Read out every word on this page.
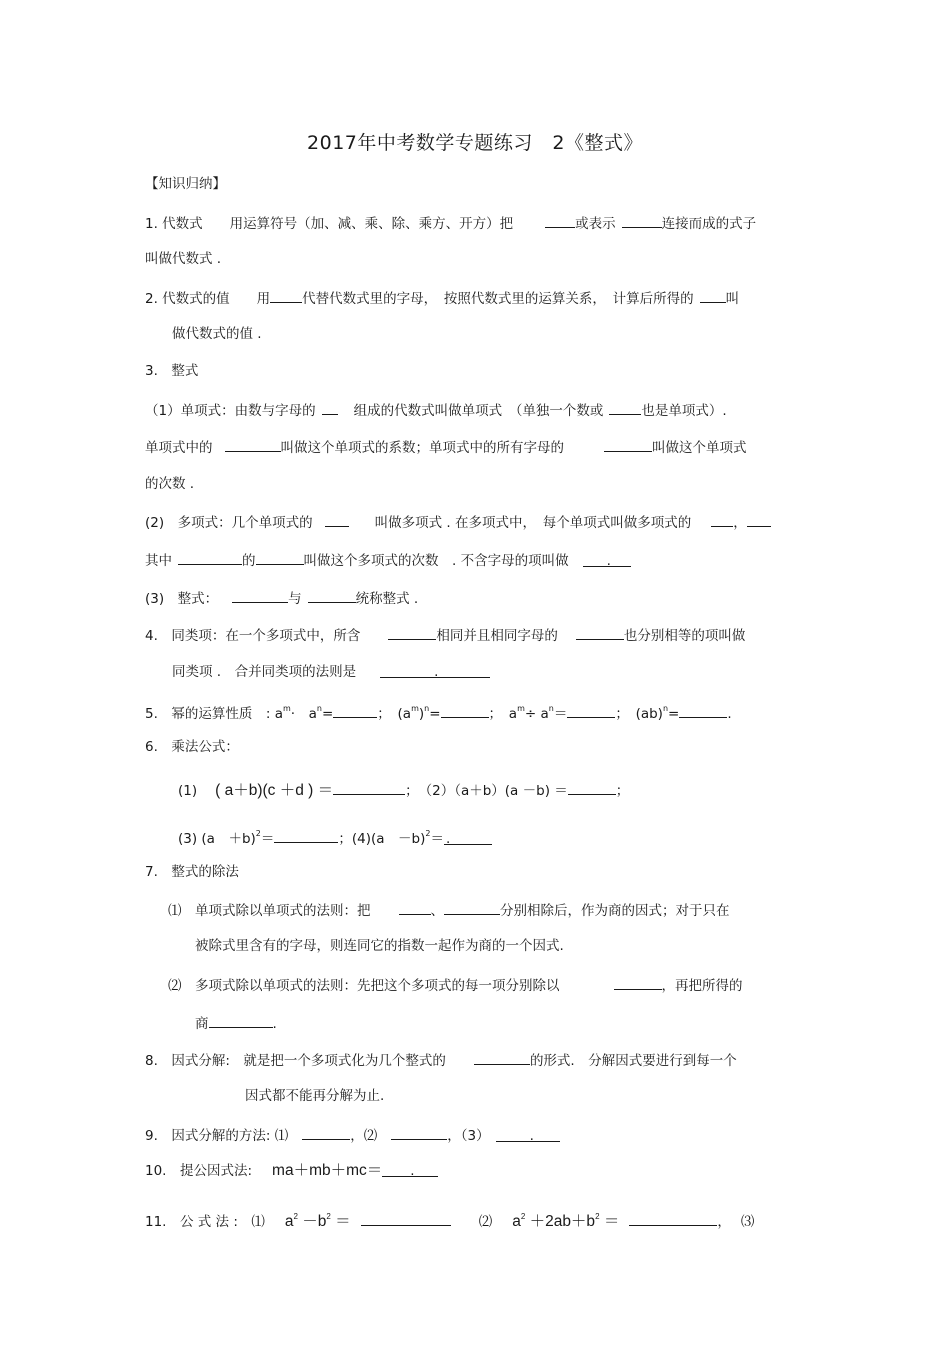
2017年中考数学专题练习　2《整式》
【知识归纳】
1. 代数式　　用运算符号（加、减、乘、除、乘方、开方）把	或表示	连接而成的式子
叫做代数式 .
2. 代数式的值　　用 代替代数式里的字母，　按照代数式里的运算关系，　计算后所得的 叫
做代数式的值 .
3.　整式
（1）单项式：由数与字母的	组成的代数式叫做单项式　（单独一个数或	也是单项式）.
单项式中的	叫做这个单项式的系数；单项式中的所有字母的	叫做这个单项式
的次数 .
(2)　多项式：几个单项式的	叫做多项式 . 在多项式中，　每个单项式叫做多项式的	，
其中	的	叫做这个多项式的次数　. 不含字母的项叫做	.
(3)　整式：	与	统称整式 .
4.　同类项：在一个多项式中，所含	相同并且相同字母的	也分别相等的项叫做
同类项 .　合并同类项的法则是	.
5.　幂的运算性质　: $a^m\cdot$　$a^n=$	；　$(a^m)^n=$	；　$a^m\div a^n=$	；　(ab)$^n$=	.
6.　乘法公式：
(1) ( a＋b)(c ＋d ) ＝	；　（2）（a＋b）(a －b) ＝	；
(3) (a　＋b)$^2$＝	；(4)(a　－b)$^2$＝ .
7.　整式的除法
⑴　单项式除以单项式的法则：把	、	分别相除后，作为商的因式；对于只在
被除式里含有的字母，则连同它的指数一起作为商的一个因式.
⑵　多项式除以单项式的法则：先把这个多项式的每一项分别除以	，再把所得的
商	.
8.　因式分解:　就是把一个多项式化为几个整式的	的形式.　分解因式要进行到每一个
因式都不能再分解为止.
9.　因式分解的方法: ⑴	，⑵	，（3）	.
10.　提公因式法: ma＋mb＋mc＝ .
11.　公 式 法 :　⑴ $a^2 -b^2$ ＝	⑵ $a^2 +2ab+b^2$ ＝	， ⑶
